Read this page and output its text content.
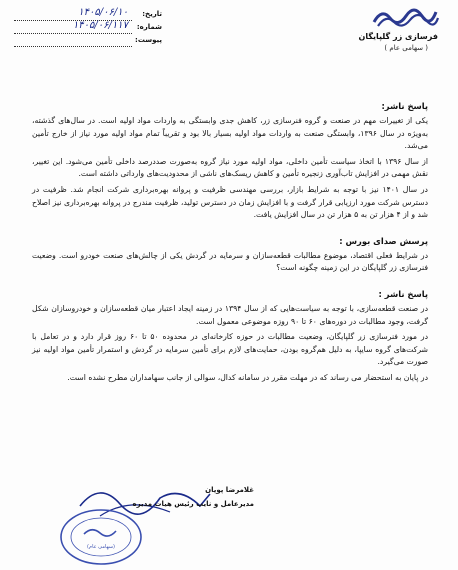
فرسازی زر گلپایگان
( سهامی عام )
تاریخ:
۱۴۰۵/۰۶/۱۰
شماره:
۱۴۰۵/۰۶/۱۱۷
پیوست:
پاسخ ناشر:

یکی از تغییرات مهم در صنعت و گروه فنرسازی زر، کاهش جدی وابستگی به واردات مواد اولیه است. در سال‌های گذشته، به‌ویژه در سال ۱۳۹۶، وابستگی صنعت به واردات مواد اولیه بسیار بالا بود و تقریباً تمام مواد اولیه مورد نیاز از خارج تأمین می‌شد.

از سال ۱۳۹۶ با اتخاذ سیاست تأمین داخلی، مواد اولیه مورد نیاز گروه به‌صورت صددرصد داخلی تأمین می‌شود. این تغییر، نقش مهمی در افزایش تاب‌آوری زنجیره تأمین و کاهش ریسک‌های ناشی از محدودیت‌های وارداتی داشته است.

در سال ۱۴۰۱ نیز با توجه به شرایط بازار، بررسی مهندسی ظرفیت و پروانه بهره‌برداری شرکت انجام شد. ظرفیت در دسترس شرکت مورد ارزیابی قرار گرفت و با افزایش زمان در دسترس تولید، ظرفیت مندرج در پروانه بهره‌برداری نیز اصلاح شد و از ۴ هزار تن به ۵ هزار تن در سال افزایش یافت.

پرسش صدای بورس :

در شرایط فعلی اقتصاد، موضوع مطالبات قطعه‌سازان و سرمایه در گردش یکی از چالش‌های صنعت خودرو است. وضعیت فنرسازی زر گلپایگان در این زمینه چگونه است؟

پاسخ ناشر :

در صنعت قطعه‌سازی، با توجه به سیاست‌هایی که از سال ۱۳۹۴ در زمینه ایجاد اعتبار میان قطعه‌سازان و خودروسازان شکل گرفت، وجود مطالبات در دوره‌های ۶۰ تا ۹۰ روزه موضوعی معمول است.

در مورد فنرسازی زر گلپایگان، وضعیت مطالبات در حوزه کارخانه‌ای در محدوده ۵۰ تا ۶۰ روز قرار دارد و در تعامل با شرکت‌های گروه سایپا، به دلیل هم‌گروه بودن، حمایت‌های لازم برای تأمین سرمایه در گردش و استمرار تأمین مواد اولیه نیز صورت می‌گیرد.

در پایان به استحضار می رساند که در مهلت مقرر در سامانه کدال، سوالی از جانب سهامداران مطرح نشده است.

غلامرضا پوپان
مدیرعامل و نایب رئیس هیات مدیره
(سهامی عام)
